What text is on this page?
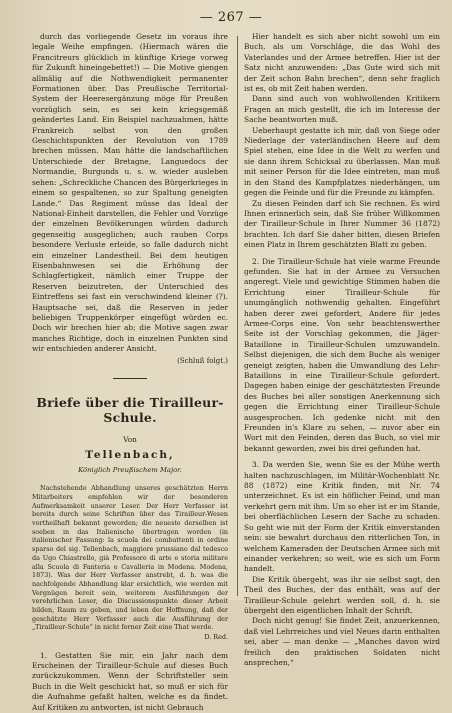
— 267 —

durch das vorliegende Gesetz im voraus ihre legale Weihe empfingen. (Hiermach wären die Francitreurs glücklich in künftige Kriege vorweg für Zukunft hineingebettet!) — Die Motive giengen allmälig auf die Nothwendigkeit permanenter Formationen über. Das Preußische Territorial-System der Heeresergänzung möge für Preußen vorzüglich sein, es sei kein kriegsgemäß geändertes Land. Ein Beispiel nachzuahmen, hätte Frankreich selbst von den großen Geschichtspunkten der Revolution von 1789 brechen müssen. Man hätte die landschaftlichen Unterschiede der Bretagne, Languedocs der Normandie, Burgunds u. s. w. wieder ausleben sehen: „Schreckliche Chancen des Bürgerkrieges in einem so gespaltenen, so zur Spaltung geneigten Lande.“ Das Regiment müsse das Ideal der National-Einheit darstellen, die Fehler und Vorzüge der einzelnen Bevölkerungen würden dadurch gegenseitig ausgeglichen; auch rauben Corps besondere Verluste erleide, so falle dadurch nicht ein einzelner Landestheil. Bei dem heutigen Eisenbahnwesen sei die Erhöhung der Schlagfertigkeit, nämlich einer Truppe der Reserven beizutreten, der Unterschied des Eintreffens sei fast ein verschwindend kleiner (?). Hauptsache sei, daß die Reserven in jeder beliebigen Truppenkörper eingefügt würden ec. Doch wir brechen hier ab; die Motive sagen zwar manches Richtige, doch in einzelnen Punkten sind wir entschieden anderer Ansicht.

(Schluß folgt.)

Briefe über die Tirailleur-Schule.

Von

Tellenbach,

Königlich Preußischem Major.

Nachstehende Abhandlung unseres geschätzten Herrn Mitarbeiters empfehlen wir der besonderen Aufmerksamkeit unserer Leser. Der Herr Verfasser ist bereits durch seine Schriften über das Tirailleur-Wesen vortheilhaft bekannt geworden; die neueste derselben ist soeben in das Italienische übertragen worden (in italienischer Fassung: la scuola dei combattenti in ordine sparso del sig. Tellenbach, maggiore prussiano dal tedesco da Ugo Chiastrello, già Professore di arte e storia militare alla Scuola di Fanteria e Cavalleria in Modena. Modena, 1873). Was der Herr Verfasser anstrebt, d. h. was die nachfolgende Abhandlung klar ersichtlich, wie werden mit Vergnügen bereit sein, weiterem Ausführungen der verehrlichen Leser, die Discussionspunkte dieser Arbeit bilden, Raum zu geben, und leben der Hoffnung, daß der geschätzte Herr Verfasser auch die Ausführung der „Tirailleur-Schule“ in nicht ferner Zeit eine That werde.

D. Red.

1. Gestatten Sie mir, ein Jahr nach dem Erscheinen der Tirailleur-Schule auf dieses Buch zurückzukommen. Wenn der Schriftsteller sein Buch in die Welt geschickt hat, so muß er sich für die Aufnahme gefaßt halten, welche es da findet. Auf Kritiken zu antworten, ist nicht Gebrauch

Hier handelt es sich aber nicht sowohl um ein Buch, als um Vorschläge, die das Wohl des Vaterlandes und der Armee betreffen. Hier ist der Satz nicht anzuwenden: „Das Gute wird sich mit der Zeit schon Bahn brechen“, denn sehr fraglich ist es, ob mit Zeit haben werden.

Dann sind auch von wohlwollenden Kritikern Fragen an mich gestellt, die ich im Interesse der Sache beantworten muß.

Ueberhaupt gestatte ich mir, daß von Siege oder Niederlage der vaterländischen Heere auf dem Spiel stehen, eine Idee in die Welt zu werfen und sie dann ihrem Schicksal zu überlassen. Man muß mit seiner Person für die Idee eintreten, man muß in den Stand des Kampfplatzes niederhängen, um gegen die Feinde und für die Freunde zu kämpfen.

Zu diesen Feinden darf ich Sie rechnen. Es wird Ihnen erinnerlich sein, daß Sie früher Willkommen der Tirailleur-Schule in Ihrer Nummer 36 (1872) brachten. Ich darf Sie daher bitten, diesen Briefen einen Platz in Ihrem geschätzten Blatt zu geben.

2. Die Tirailleur-Schule hat viele warme Freunde gefunden. Sie hat in der Armee zu Versuchen angeregt. Viele und gewichtige Stimmen haben die Errichtung einer Tirailleur-Schule für unumgänglich nothwendig gehalten. Eingeführt haben derer zwei gefordert, Andere für jedes Armee-Corps eine. Von sehr beachtenswerther Seite ist der Vorschlag gekommen, die Jäger-Bataillone in Tirailleur-Schulen umzuwandeln. Selbst diejenigen, die sich dem Buche als weniger geneigt zeigten, haben die Umwandlung des Lehr-Bataillons in eine Tirailleur-Schule gefordert. Dagegen haben einige der geschätztesten Freunde des Buches bei aller sonstigen Anerkennung sich gegen die Errichtung einer Tirailleur-Schule ausgesprochen. Ich gedenke nicht mit den Freunden in's Klare zu sehen, — zuvor aber ein Wort mit den Feinden, deren das Buch, so viel mir bekannt geworden, zwei bis drei gefunden hat.

3. Da werden Sie, wenn Sie es der Mühe werth halten nachzuschlagen, im Militär-Wochenblatt Nr. 88 (1872) eine Kritik finden, mit Nr. 74 unterzeichnet. Es ist ein höflicher Feind, und man verkehrt gern mit ihm. Um so eher ist er im Stande, bei oberflächlichen Lesern der Sache zu schaden. So geht wie mit der Form der Kritik einverstanden sein: sie bewahrt durchaus den ritterlichen Ton, in welchem Kameraden der Deutschen Armee sich mit einander verkehren; so weit, wie es sich um Form handelt.

Die Kritik übergeht, was ihr sie selbst sagt, den Theil des Buches, der das enthält, was auf der Tirailleur-Schule gelehrt werden soll, d. h. sie übergeht den eigentlichen Inhalt der Schrift.

Doch nicht genug! Sie findet Zeit, anzuerkennen, daß viel Lehrreiches und viel Neues darin enthalten sei, aber — man denke — „Manches davon wird freilich den praktischen Soldaten nicht ansprechen,“
